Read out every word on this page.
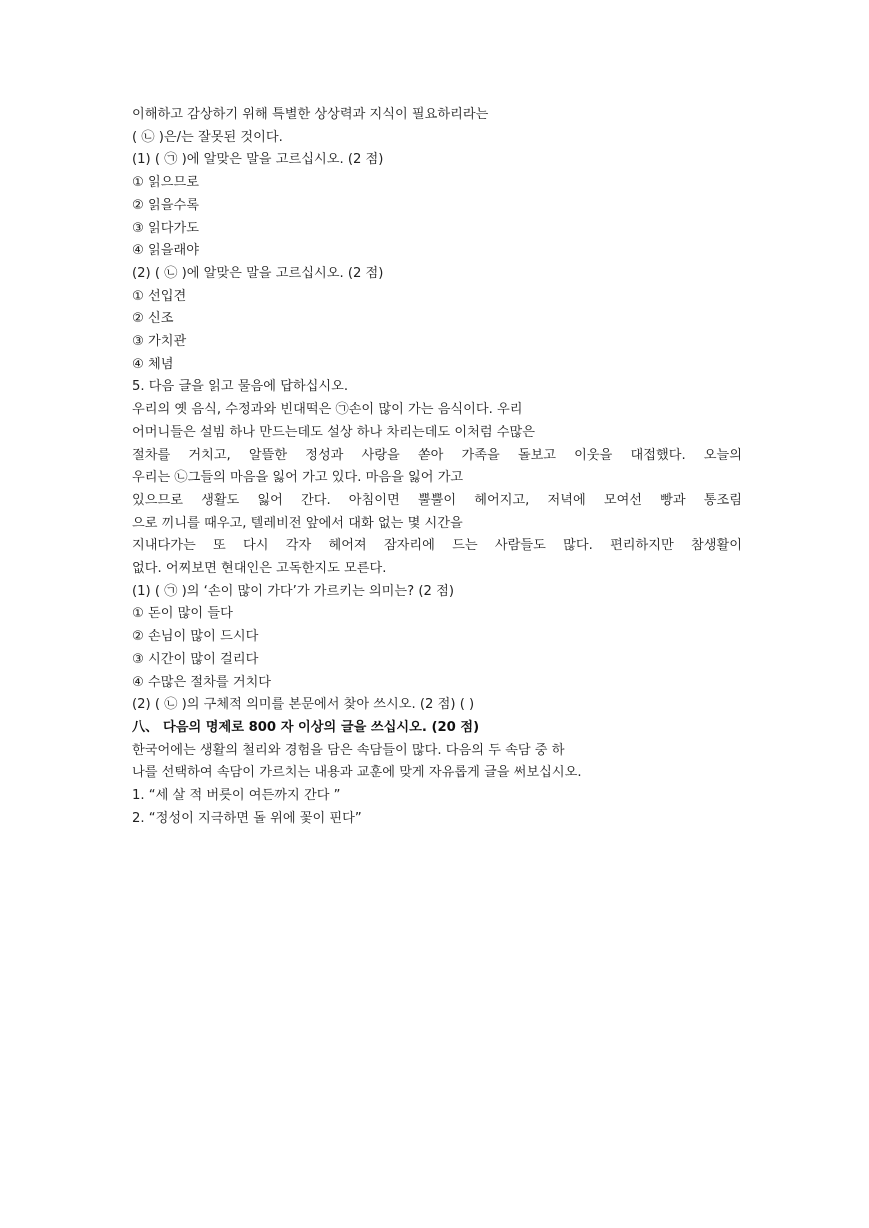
이해하고 감상하기 위해 특별한 상상력과 지식이 필요하리라는
( ㉡ )은/는 잘못된 것이다.
(1) ( ㉠ )에 알맞은 말을 고르십시오. (2 점)
① 읽으므로
② 읽을수록
③ 읽다가도
④ 읽을래야
(2) ( ㉡ )에 알맞은 말을 고르십시오. (2 점)
① 선입견
② 신조
③ 가치관
④ 체념
5. 다음 글을 읽고 물음에 답하십시오.
우리의 옛 음식, 수정과와 빈대떡은 ㉠손이 많이 가는 음식이다. 우리
어머니들은 설빔 하나 만드는데도 설상 하나 차리는데도 이처럼 수많은
절차를 거치고, 알뜰한 정성과 사랑을 쏟아 가족을 돌보고 이웃을 대접했다. 오늘의
우리는 ㉡그들의 마음을 잃어 가고 있다. 마음을 잃어 가고
있으므로 생활도 잃어 간다. 아침이면 뿔뿔이 헤어지고, 저녁에 모여선 빵과 통조림
으로 끼니를 때우고, 텔레비전 앞에서 대화 없는 몇 시간을
지내다가는 또 다시 각자 헤어져 잠자리에 드는 사람들도 많다. 편리하지만 참생활이
없다. 어찌보면 현대인은 고독한지도 모른다.
(1) ( ㉠ )의 ‘손이 많이 가다’가 가르키는 의미는? (2 점)
① 돈이 많이 들다
② 손님이 많이 드시다
③ 시간이 많이 걸리다
④ 수많은 절차를 거치다
(2) ( ㉡ )의 구체적 의미를 본문에서 찾아 쓰시오. (2 점) ( )
八、 다음의 명제로 800 자 이상의 글을 쓰십시오. (20 점)
한국어에는 생활의 철리와 경험을 담은 속담들이 많다. 다음의 두 속담 중 하
나를 선택하여 속담이 가르치는 내용과 교훈에 맞게 자유롭게 글을 써보십시오.
1. “세 살 적 버릇이 여든까지 간다 ”
2. “정성이 지극하면 돌 위에 꽃이 핀다”
